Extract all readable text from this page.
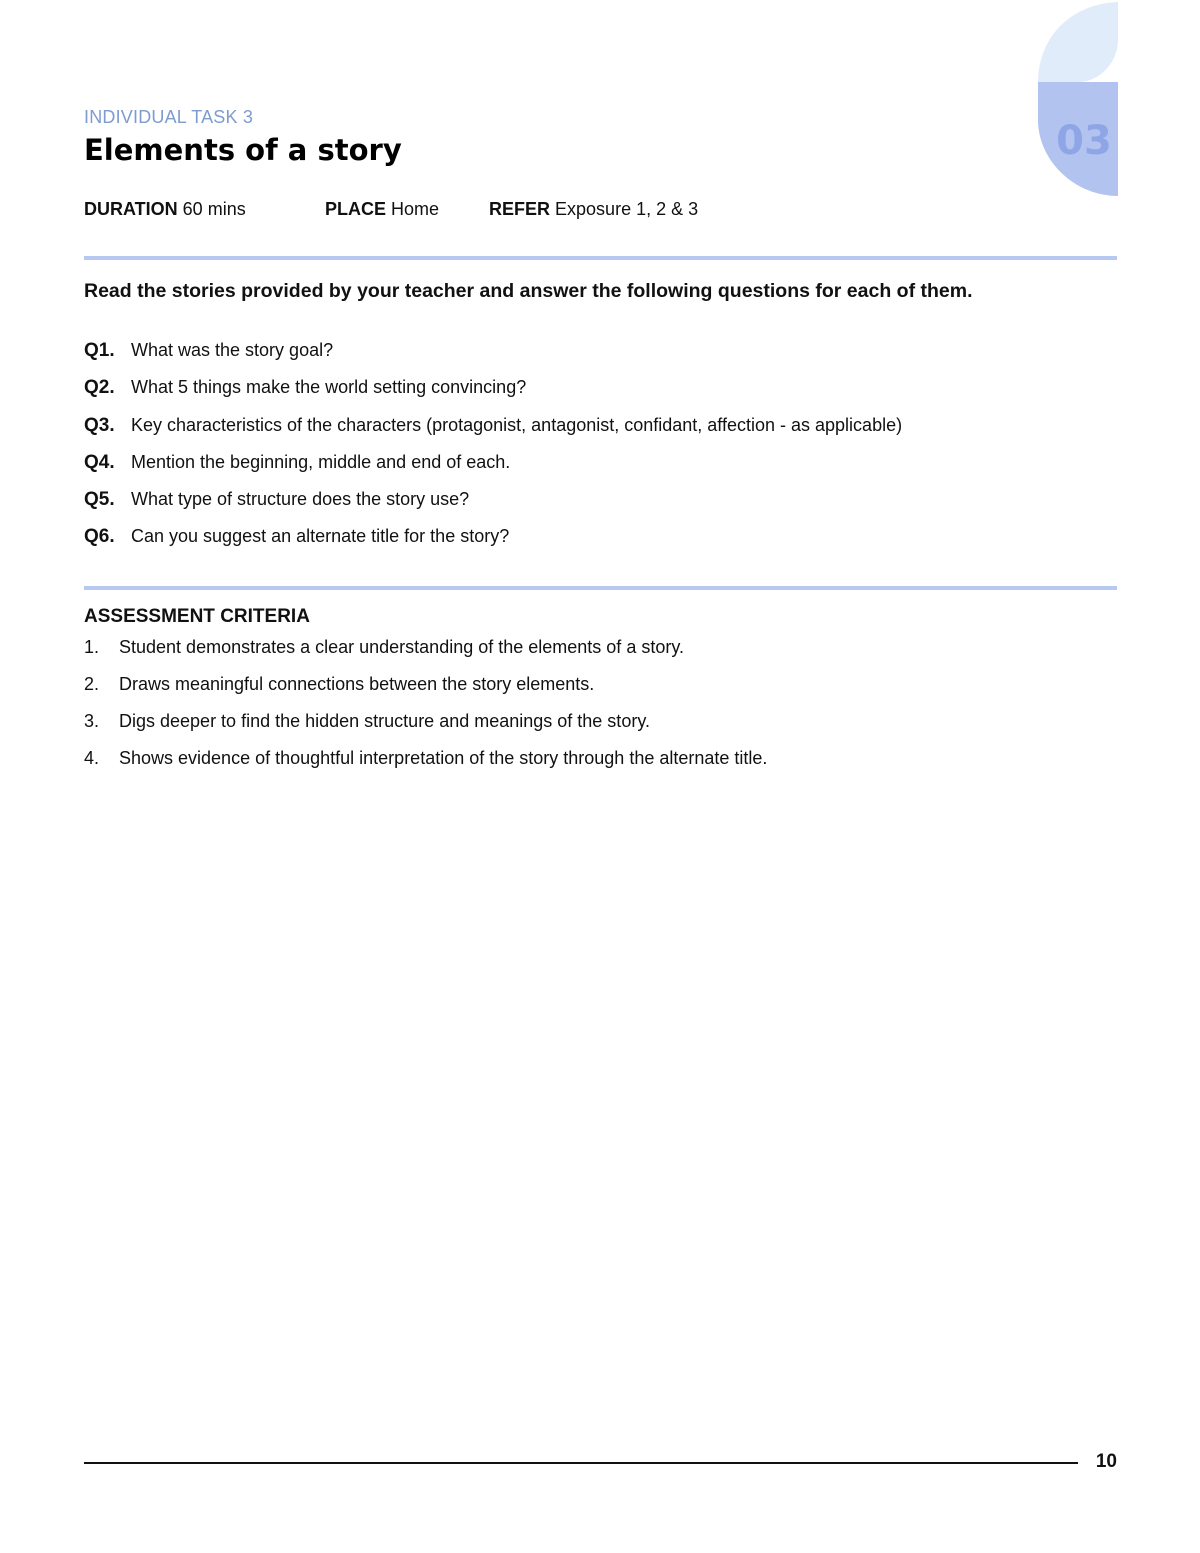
03
INDIVIDUAL TASK 3
Elements of a story
DURATION 60 mins	PLACE Home	REFER Exposure 1, 2 & 3
Read the stories provided by your teacher and answer the following questions for each of them.
Q1. What was the story goal?
Q2. What 5 things make the world setting convincing?
Q3. Key characteristics of the characters (protagonist, antagonist, confidant, affection - as applicable)
Q4. Mention the beginning, middle and end of each.
Q5. What type of structure does the story use?
Q6. Can you suggest an alternate title for the story?
ASSESSMENT CRITERIA
1. Student demonstrates a clear understanding of the elements of a story.
2. Draws meaningful connections between the story elements.
3. Digs deeper to find the hidden structure and meanings of the story.
4. Shows evidence of thoughtful interpretation of the story through the alternate title.
10
